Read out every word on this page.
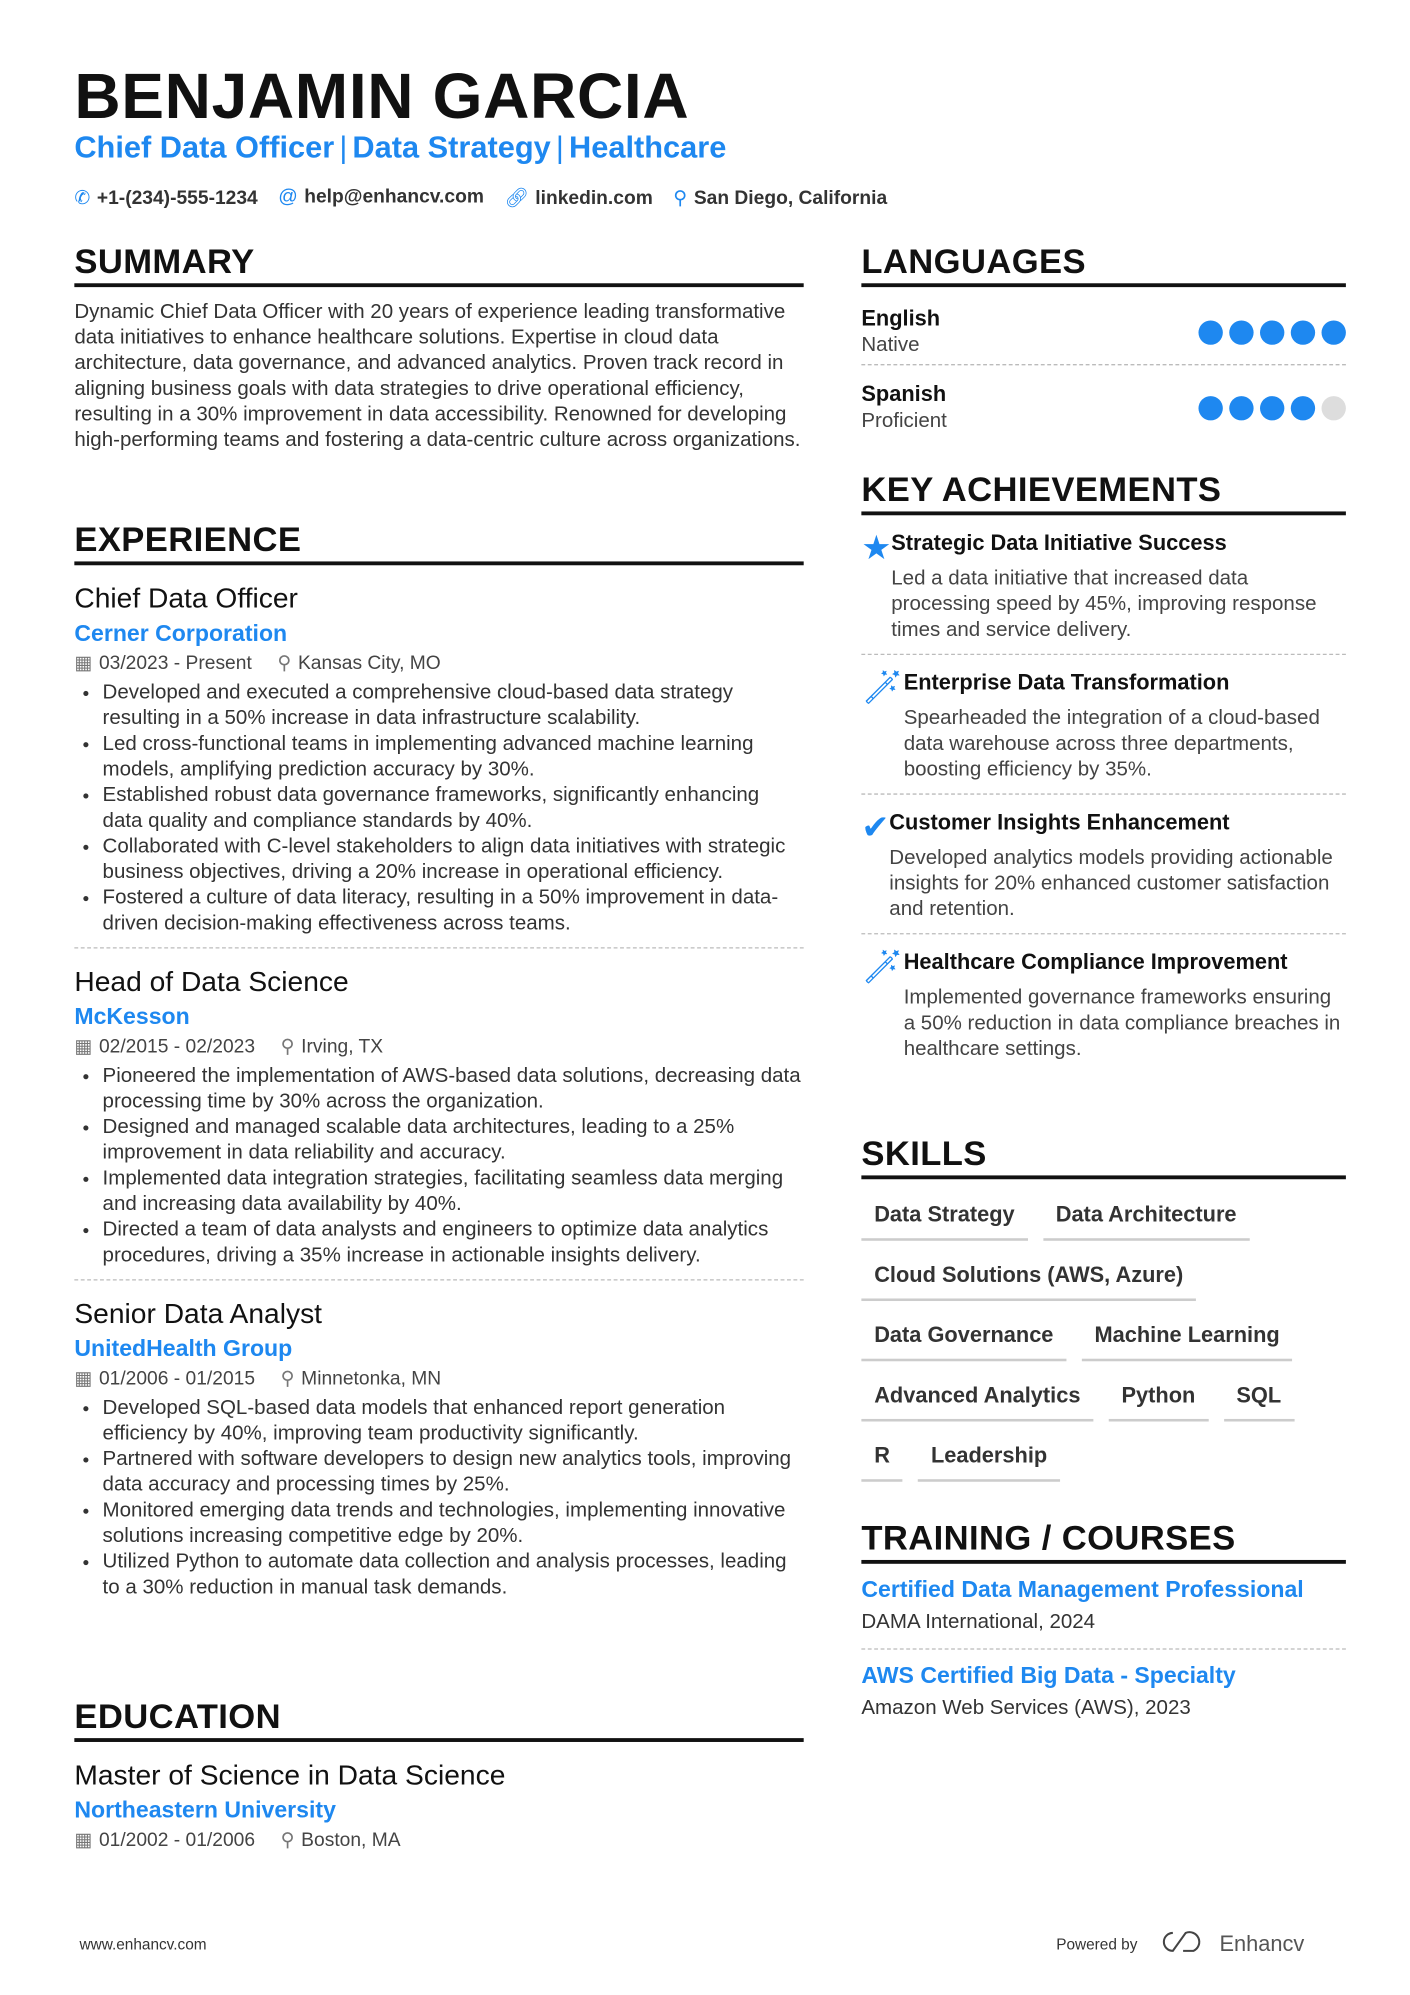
BENJAMIN GARCIA
Chief Data Officer | Data Strategy | Healthcare
✆ +1-(234)-555-1234 @ help@enhancv.com 🔗︎ linkedin.com ⚲ San Diego, California
SUMMARY
Dynamic Chief Data Officer with 20 years of experience leading transformative data initiatives to enhance healthcare solutions. Expertise in cloud data architecture, data governance, and advanced analytics. Proven track record in aligning business goals with data strategies to drive operational efficiency, resulting in a 30% improvement in data accessibility. Renowned for developing high-performing teams and fostering a data-centric culture across organizations.
EXPERIENCE
Chief Data Officer
Cerner Corporation
▦ 03/2023 - Present ⚲ Kansas City, MO
• Developed and executed a comprehensive cloud-based data strategy resulting in a 50% increase in data infrastructure scalability.
• Led cross-functional teams in implementing advanced machine learning models, amplifying prediction accuracy by 30%.
• Established robust data governance frameworks, significantly enhancing data quality and compliance standards by 40%.
• Collaborated with C-level stakeholders to align data initiatives with strategic business objectives, driving a 20% increase in operational efficiency.
• Fostered a culture of data literacy, resulting in a 50% improvement in data-driven decision-making effectiveness across teams.
Head of Data Science
McKesson
▦ 02/2015 - 02/2023 ⚲ Irving, TX
• Pioneered the implementation of AWS-based data solutions, decreasing data processing time by 30% across the organization.
• Designed and managed scalable data architectures, leading to a 25% improvement in data reliability and accuracy.
• Implemented data integration strategies, facilitating seamless data merging and increasing data availability by 40%.
• Directed a team of data analysts and engineers to optimize data analytics procedures, driving a 35% increase in actionable insights delivery.
Senior Data Analyst
UnitedHealth Group
▦ 01/2006 - 01/2015 ⚲ Minnetonka, MN
• Developed SQL-based data models that enhanced report generation efficiency by 40%, improving team productivity significantly.
• Partnered with software developers to design new analytics tools, improving data accuracy and processing times by 25%.
• Monitored emerging data trends and technologies, implementing innovative solutions increasing competitive edge by 20%.
• Utilized Python to automate data collection and analysis processes, leading to a 30% reduction in manual task demands.
EDUCATION
Master of Science in Data Science
Northeastern University
▦ 01/2002 - 01/2006 ⚲ Boston, MA
LANGUAGES
English
Native
Spanish
Proficient
KEY ACHIEVEMENTS
★ Strategic Data Initiative Success
Led a data initiative that increased data processing speed by 45%, improving response times and service delivery.
🪄︎ Enterprise Data Transformation
Spearheaded the integration of a cloud-based data warehouse across three departments, boosting efficiency by 35%.
✔ Customer Insights Enhancement
Developed analytics models providing actionable insights for 20% enhanced customer satisfaction and retention.
🪄︎ Healthcare Compliance Improvement
Implemented governance frameworks ensuring a 50% reduction in data compliance breaches in healthcare settings.
SKILLS
Data Strategy	Data Architecture
Cloud Solutions (AWS, Azure)
Data Governance	Machine Learning
Advanced Analytics	Python	SQL
R	Leadership
TRAINING / COURSES
Certified Data Management Professional
DAMA International, 2024
AWS Certified Big Data - Specialty
Amazon Web Services (AWS), 2023
www.enhancv.com	Powered by	Enhancv
